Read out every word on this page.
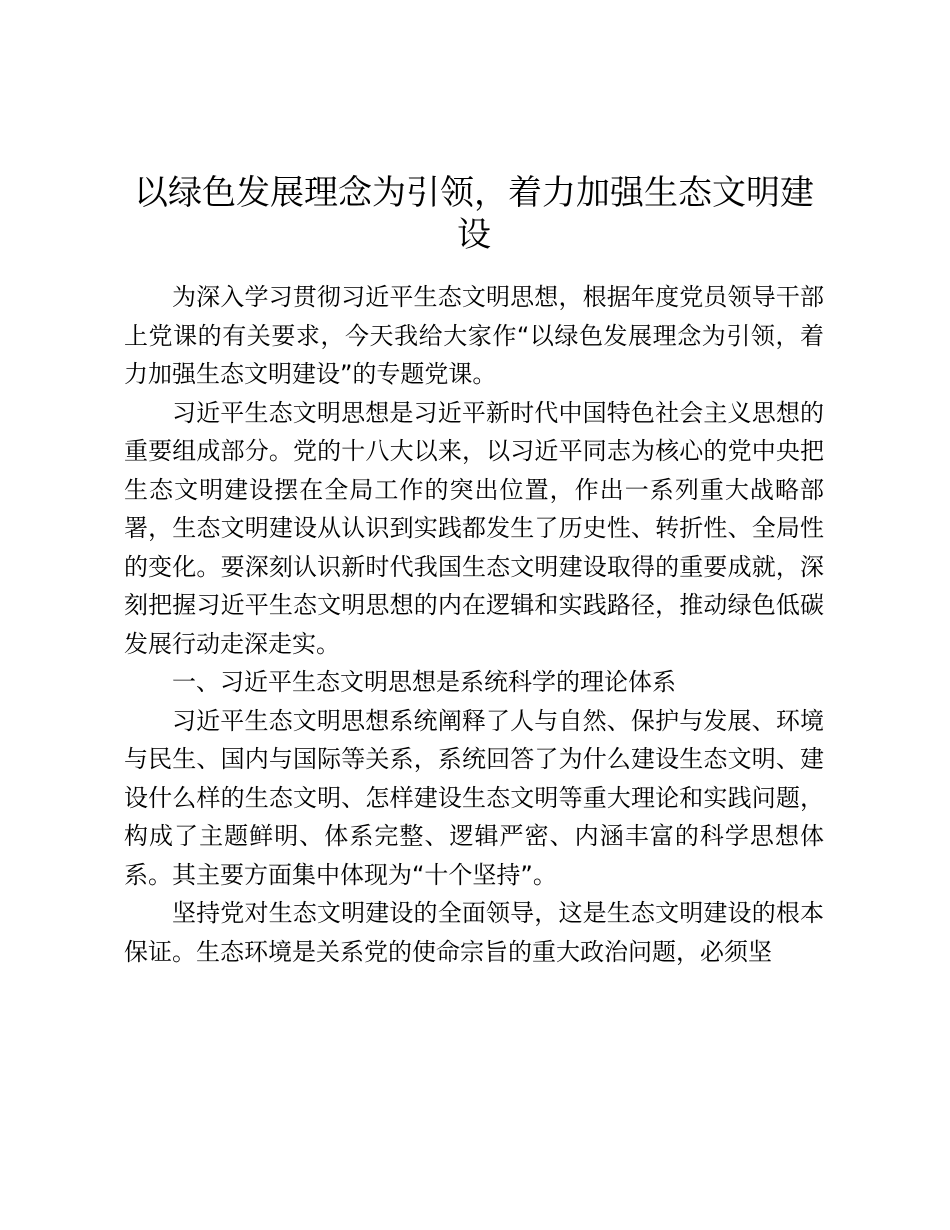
以绿色发展理念为引领，着力加强生态文明建设

为深入学习贯彻习近平生态文明思想，根据年度党员领导干部上党课的有关要求，今天我给大家作“以绿色发展理念为引领，着力加强生态文明建设”的专题党课。

习近平生态文明思想是习近平新时代中国特色社会主义思想的重要组成部分。党的十八大以来，以习近平同志为核心的党中央把生态文明建设摆在全局工作的突出位置，作出一系列重大战略部署，生态文明建设从认识到实践都发生了历史性、转折性、全局性的变化。要深刻认识新时代我国生态文明建设取得的重要成就，深刻把握习近平生态文明思想的内在逻辑和实践路径，推动绿色低碳发展行动走深走实。

一、习近平生态文明思想是系统科学的理论体系

习近平生态文明思想系统阐释了人与自然、保护与发展、环境与民生、国内与国际等关系，系统回答了为什么建设生态文明、建设什么样的生态文明、怎样建设生态文明等重大理论和实践问题，构成了主题鲜明、体系完整、逻辑严密、内涵丰富的科学思想体系。其主要方面集中体现为“十个坚持”。

坚持党对生态文明建设的全面领导，这是生态文明建设的根本保证。生态环境是关系党的使命宗旨的重大政治问题，必须坚
